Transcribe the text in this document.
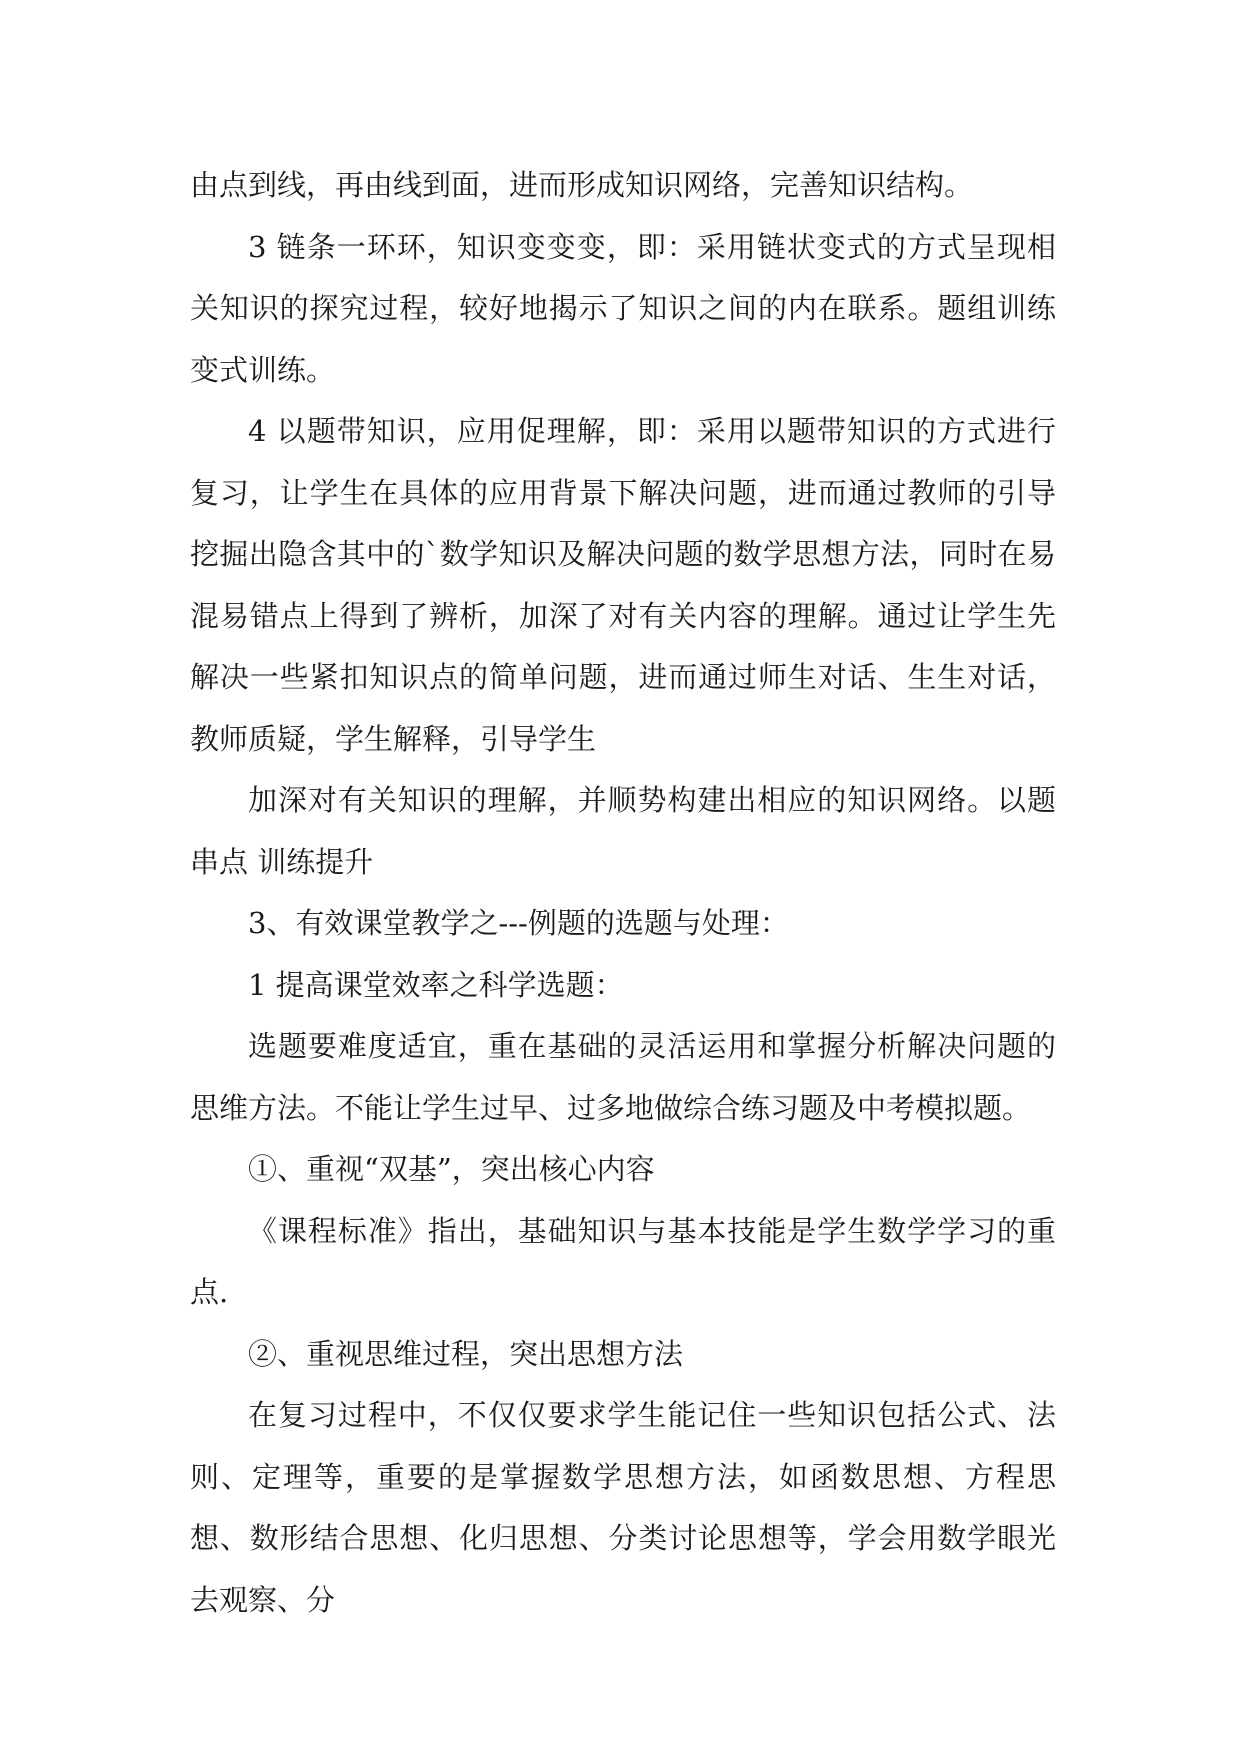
由点到线，再由线到面，进而形成知识网络，完善知识结构。

3 链条一环环，知识变变变，即：采用链状变式的方式呈现相关知识的探究过程，较好地揭示了知识之间的内在联系。题组训练 变式训练。

4 以题带知识，应用促理解，即：采用以题带知识的方式进行复习，让学生在具体的应用背景下解决问题，进而通过教师的引导挖掘出隐含其中的`数学知识及解决问题的数学思想方法，同时在易混易错点上得到了辨析，加深了对有关内容的理解。通过让学生先解决一些紧扣知识点的简单问题，进而通过师生对话、生生对话，教师质疑，学生解释，引导学生

加深对有关知识的理解，并顺势构建出相应的知识网络。以题串点 训练提升

3、有效课堂教学之---例题的选题与处理：

1 提高课堂效率之科学选题：

选题要难度适宜，重在基础的灵活运用和掌握分析解决问题的思维方法。不能让学生过早、过多地做综合练习题及中考模拟题。

①、重视“双基”，突出核心内容

《课程标准》指出，基础知识与基本技能是学生数学学习的重点.

②、重视思维过程，突出思想方法

在复习过程中，不仅仅要求学生能记住一些知识包括公式、法则、定理等，重要的是掌握数学思想方法，如函数思想、方程思想、数形结合思想、化归思想、分类讨论思想等，学会用数学眼光去观察、分
